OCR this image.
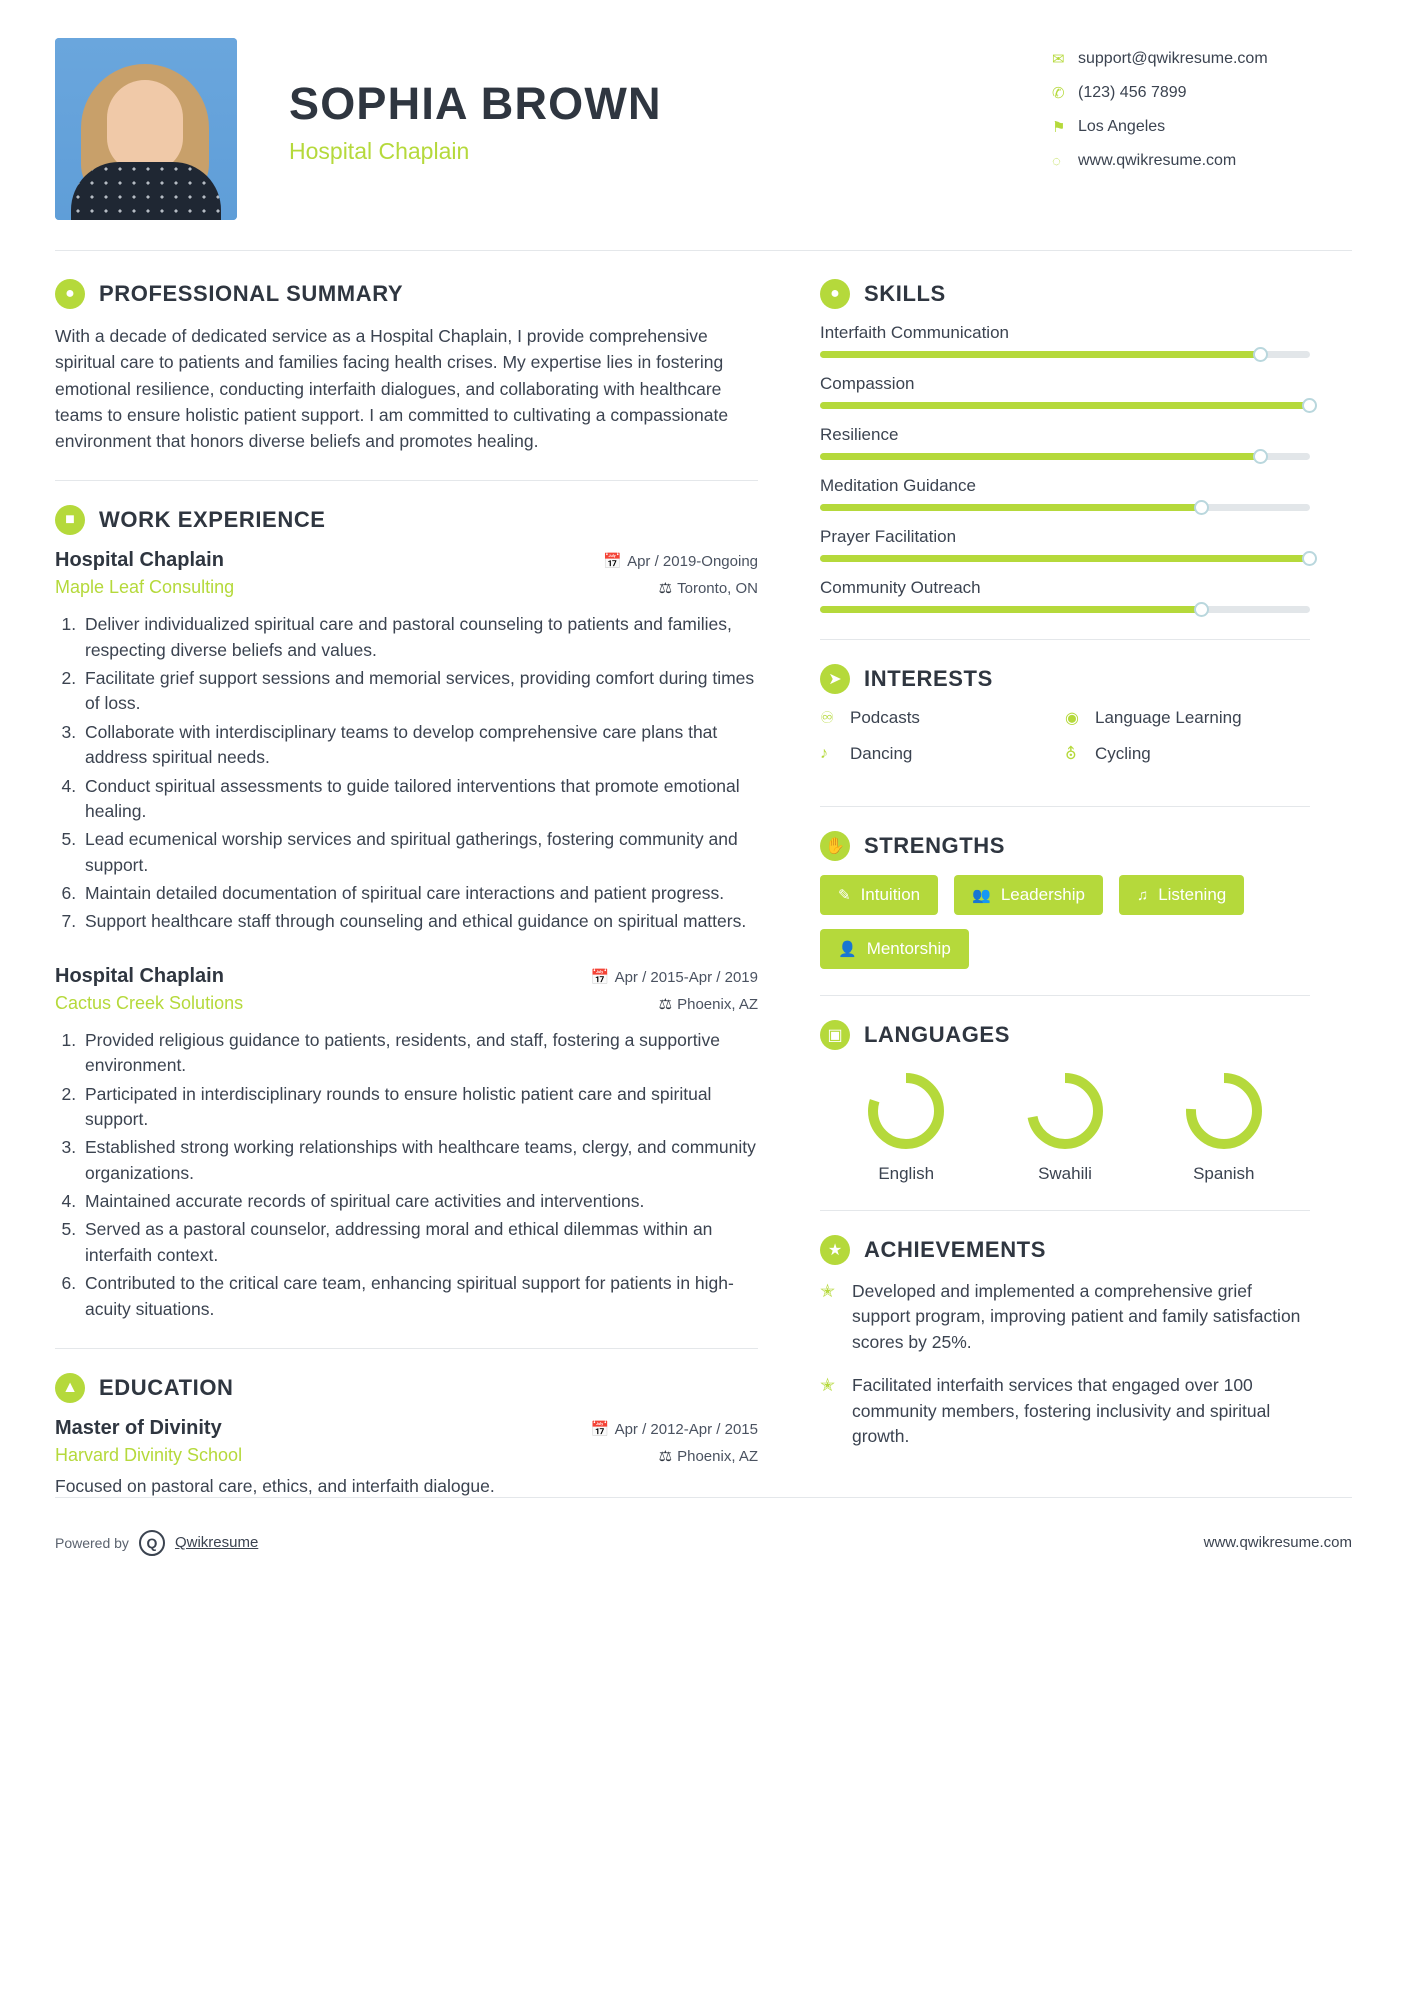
SOPHIA BROWN
Hospital Chaplain
✉ support@qwikresume.com
✆ (123) 456 7899
⚑ Los Angeles
◌	www.qwikresume.com
●	PROFESSIONAL SUMMARY
With a decade of dedicated service as a Hospital Chaplain, I provide comprehensive spiritual care to patients and families facing health crises. My expertise lies in fostering emotional resilience, conducting interfaith dialogues, and collaborating with healthcare teams to ensure holistic patient support. I am committed to cultivating a compassionate environment that honors diverse beliefs and promotes healing.
■	WORK EXPERIENCE
Hospital Chaplain	📅 Apr / 2019-Ongoing
Maple Leaf Consulting	⚖ Toronto, ON
1. Deliver individualized spiritual care and pastoral counseling to patients and families, respecting diverse beliefs and values.
2. Facilitate grief support sessions and memorial services, providing comfort during times of loss.
3. Collaborate with interdisciplinary teams to develop comprehensive care plans that address spiritual needs.
4. Conduct spiritual assessments to guide tailored interventions that promote emotional healing.
5. Lead ecumenical worship services and spiritual gatherings, fostering community and support.
6. Maintain detailed documentation of spiritual care interactions and patient progress.
7. Support healthcare staff through counseling and ethical guidance on spiritual matters.
Hospital Chaplain	📅 Apr / 2015-Apr / 2019
Cactus Creek Solutions	⚖ Phoenix, AZ
1. Provided religious guidance to patients, residents, and staff, fostering a supportive environment.
2. Participated in interdisciplinary rounds to ensure holistic patient care and spiritual support.
3. Established strong working relationships with healthcare teams, clergy, and community organizations.
4. Maintained accurate records of spiritual care activities and interventions.
5. Served as a pastoral counselor, addressing moral and ethical dilemmas within an interfaith context.
6. Contributed to the critical care team, enhancing spiritual support for patients in high-acuity situations.
▲ EDUCATION
Master of Divinity	📅 Apr / 2012-Apr / 2015
Harvard Divinity School	⚖ Phoenix, AZ
Focused on pastoral care, ethics, and interfaith dialogue.
●	SKILLS
Interfaith Communication
Compassion
Resilience
Meditation Guidance
Prayer Facilitation
Community Outreach
➤	INTERESTS
♾ Podcasts	◉ Language Learning
♪	Dancing	⛢	Cycling
✋ STRENGTHS
✎ Intuition	👥 Leadership	♫ Listening
👤 Mentorship
▣ LANGUAGES
English	Swahili	Spanish
★ ACHIEVEMENTS
✭ Developed and implemented a comprehensive grief support program, improving patient and family satisfaction scores by 25%.
✭ Facilitated interfaith services that engaged over 100 community members, fostering inclusivity and spiritual growth.
Powered by	Q	Qwikresume	www.qwikresume.com
